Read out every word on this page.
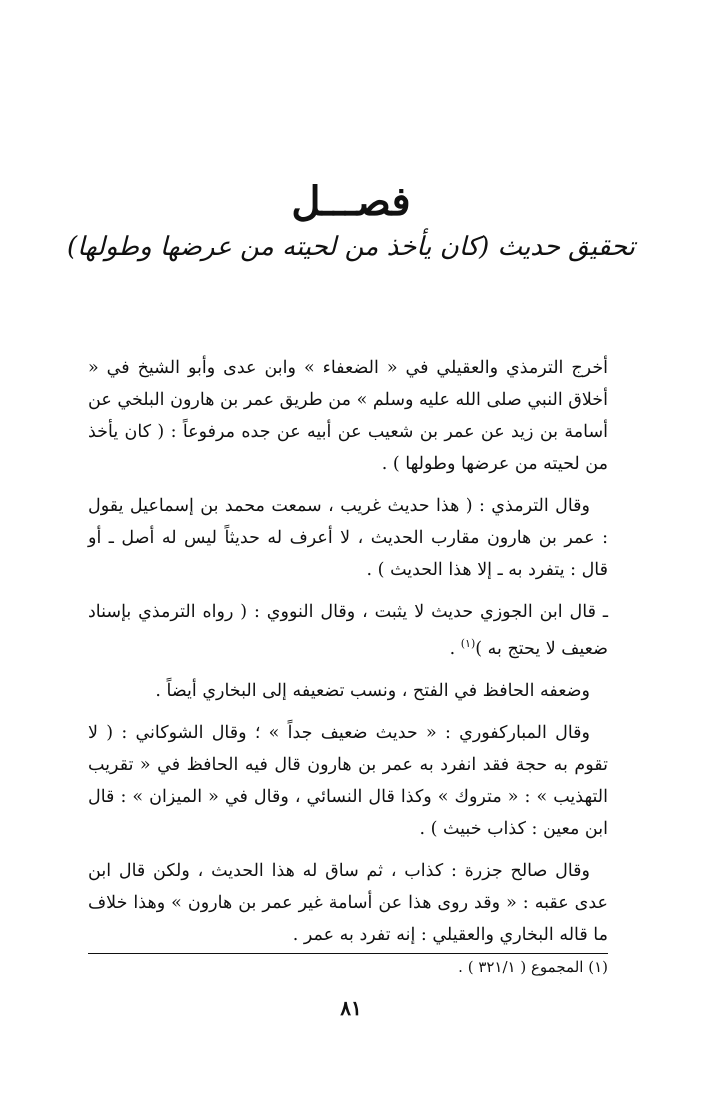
فصـــل
تحقيق حديث (كان يأخذ من لحيته من عرضها وطولها)

أخرج الترمذي والعقيلي في « الضعفاء » وابن عدى وأبو الشيخ في « أخلاق النبي صلى الله عليه وسلم » من طريق عمر بن هارون البلخي عن أسامة بن زيد عن عمر بن شعيب عن أبيه عن جده مرفوعاً : ( كان يأخذ من لحيته من عرضها وطولها ) .

وقال الترمذي : ( هذا حديث غريب ، سمعت محمد بن إسماعيل يقول : عمر بن هارون مقارب الحديث ، لا أعرف له حديثاً ليس له أصل ـ أو قال : يتفرد به ـ إلا هذا الحديث ) .

ـ قال ابن الجوزي حديث لا يثبت ، وقال النووي : ( رواه الترمذي بإسناد ضعيف لا يحتج به )$^{(١)}$ .

وضعفه الحافظ في الفتح ، ونسب تضعيفه إلى البخاري أيضاً .

وقال المباركفوري : « حديث ضعيف جداً » ؛ وقال الشوكاني : ( لا تقوم به حجة فقد انفرد به عمر بن هارون قال فيه الحافظ في « تقريب التهذيب » : « متروك » وكذا قال النسائي ، وقال في « الميزان » : قال ابن معين : كذاب خبيث ) .

وقال صالح جزرة : كذاب ، ثم ساق له هذا الحديث ، ولكن قال ابن عدى عقبه : « وقد روى هذا عن أسامة غير عمر بن هارون » وهذا خلاف ما قاله البخاري والعقيلي : إنه تفرد به عمر .

(١) المجموع ( ٣٢١/١ ) .
٨١
